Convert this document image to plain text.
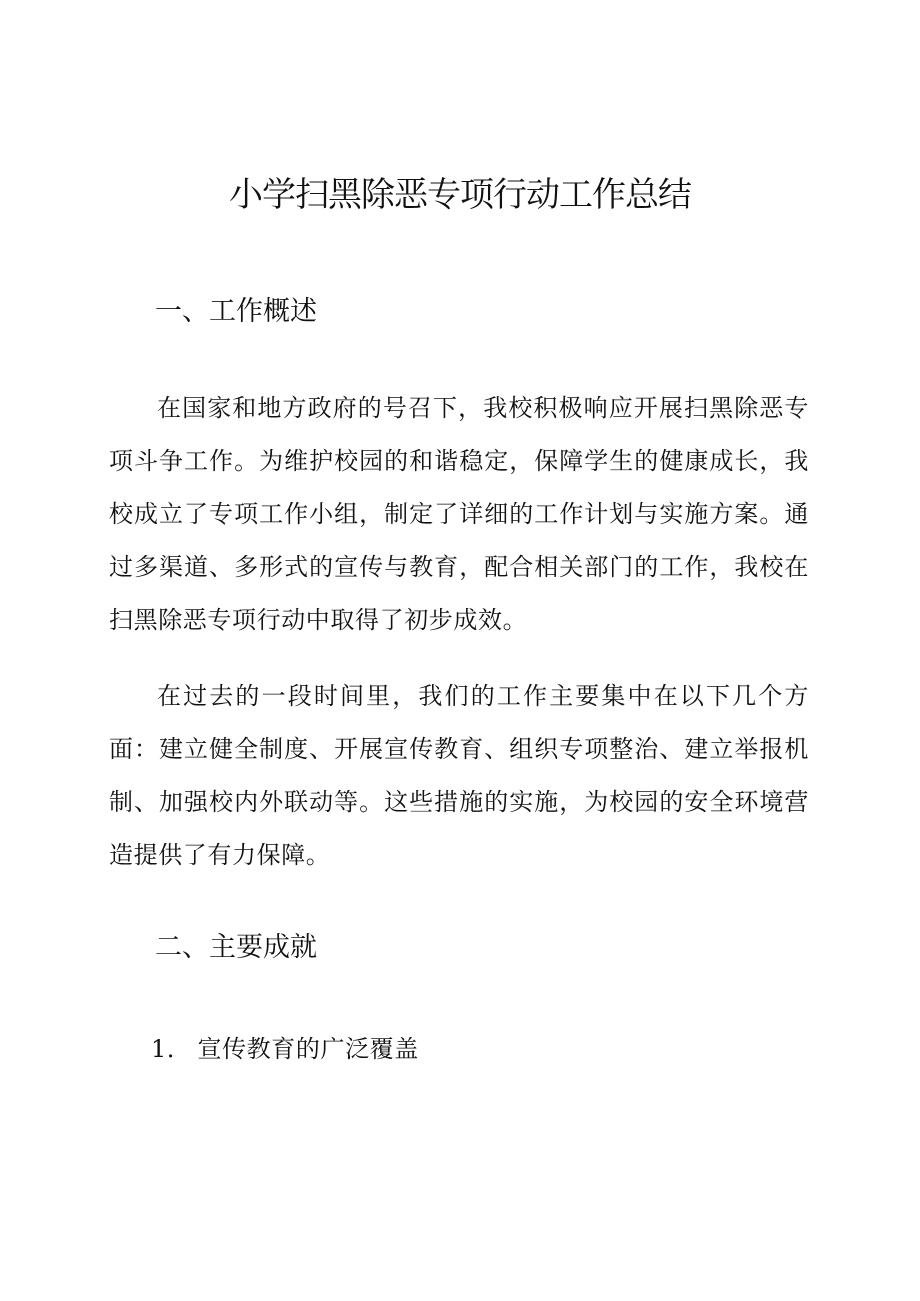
小学扫黑除恶专项行动工作总结
一、工作概述

在国家和地方政府的号召下，我校积极响应开展扫黑除恶专项斗争工作。为维护校园的和谐稳定，保障学生的健康成长，我校成立了专项工作小组，制定了详细的工作计划与实施方案。通过多渠道、多形式的宣传与教育，配合相关部门的工作，我校在扫黑除恶专项行动中取得了初步成效。

在过去的一段时间里，我们的工作主要集中在以下几个方面：建立健全制度、开展宣传教育、组织专项整治、建立举报机制、加强校内外联动等。这些措施的实施，为校园的安全环境营造提供了有力保障。

二、主要成就

1． 宣传教育的广泛覆盖
